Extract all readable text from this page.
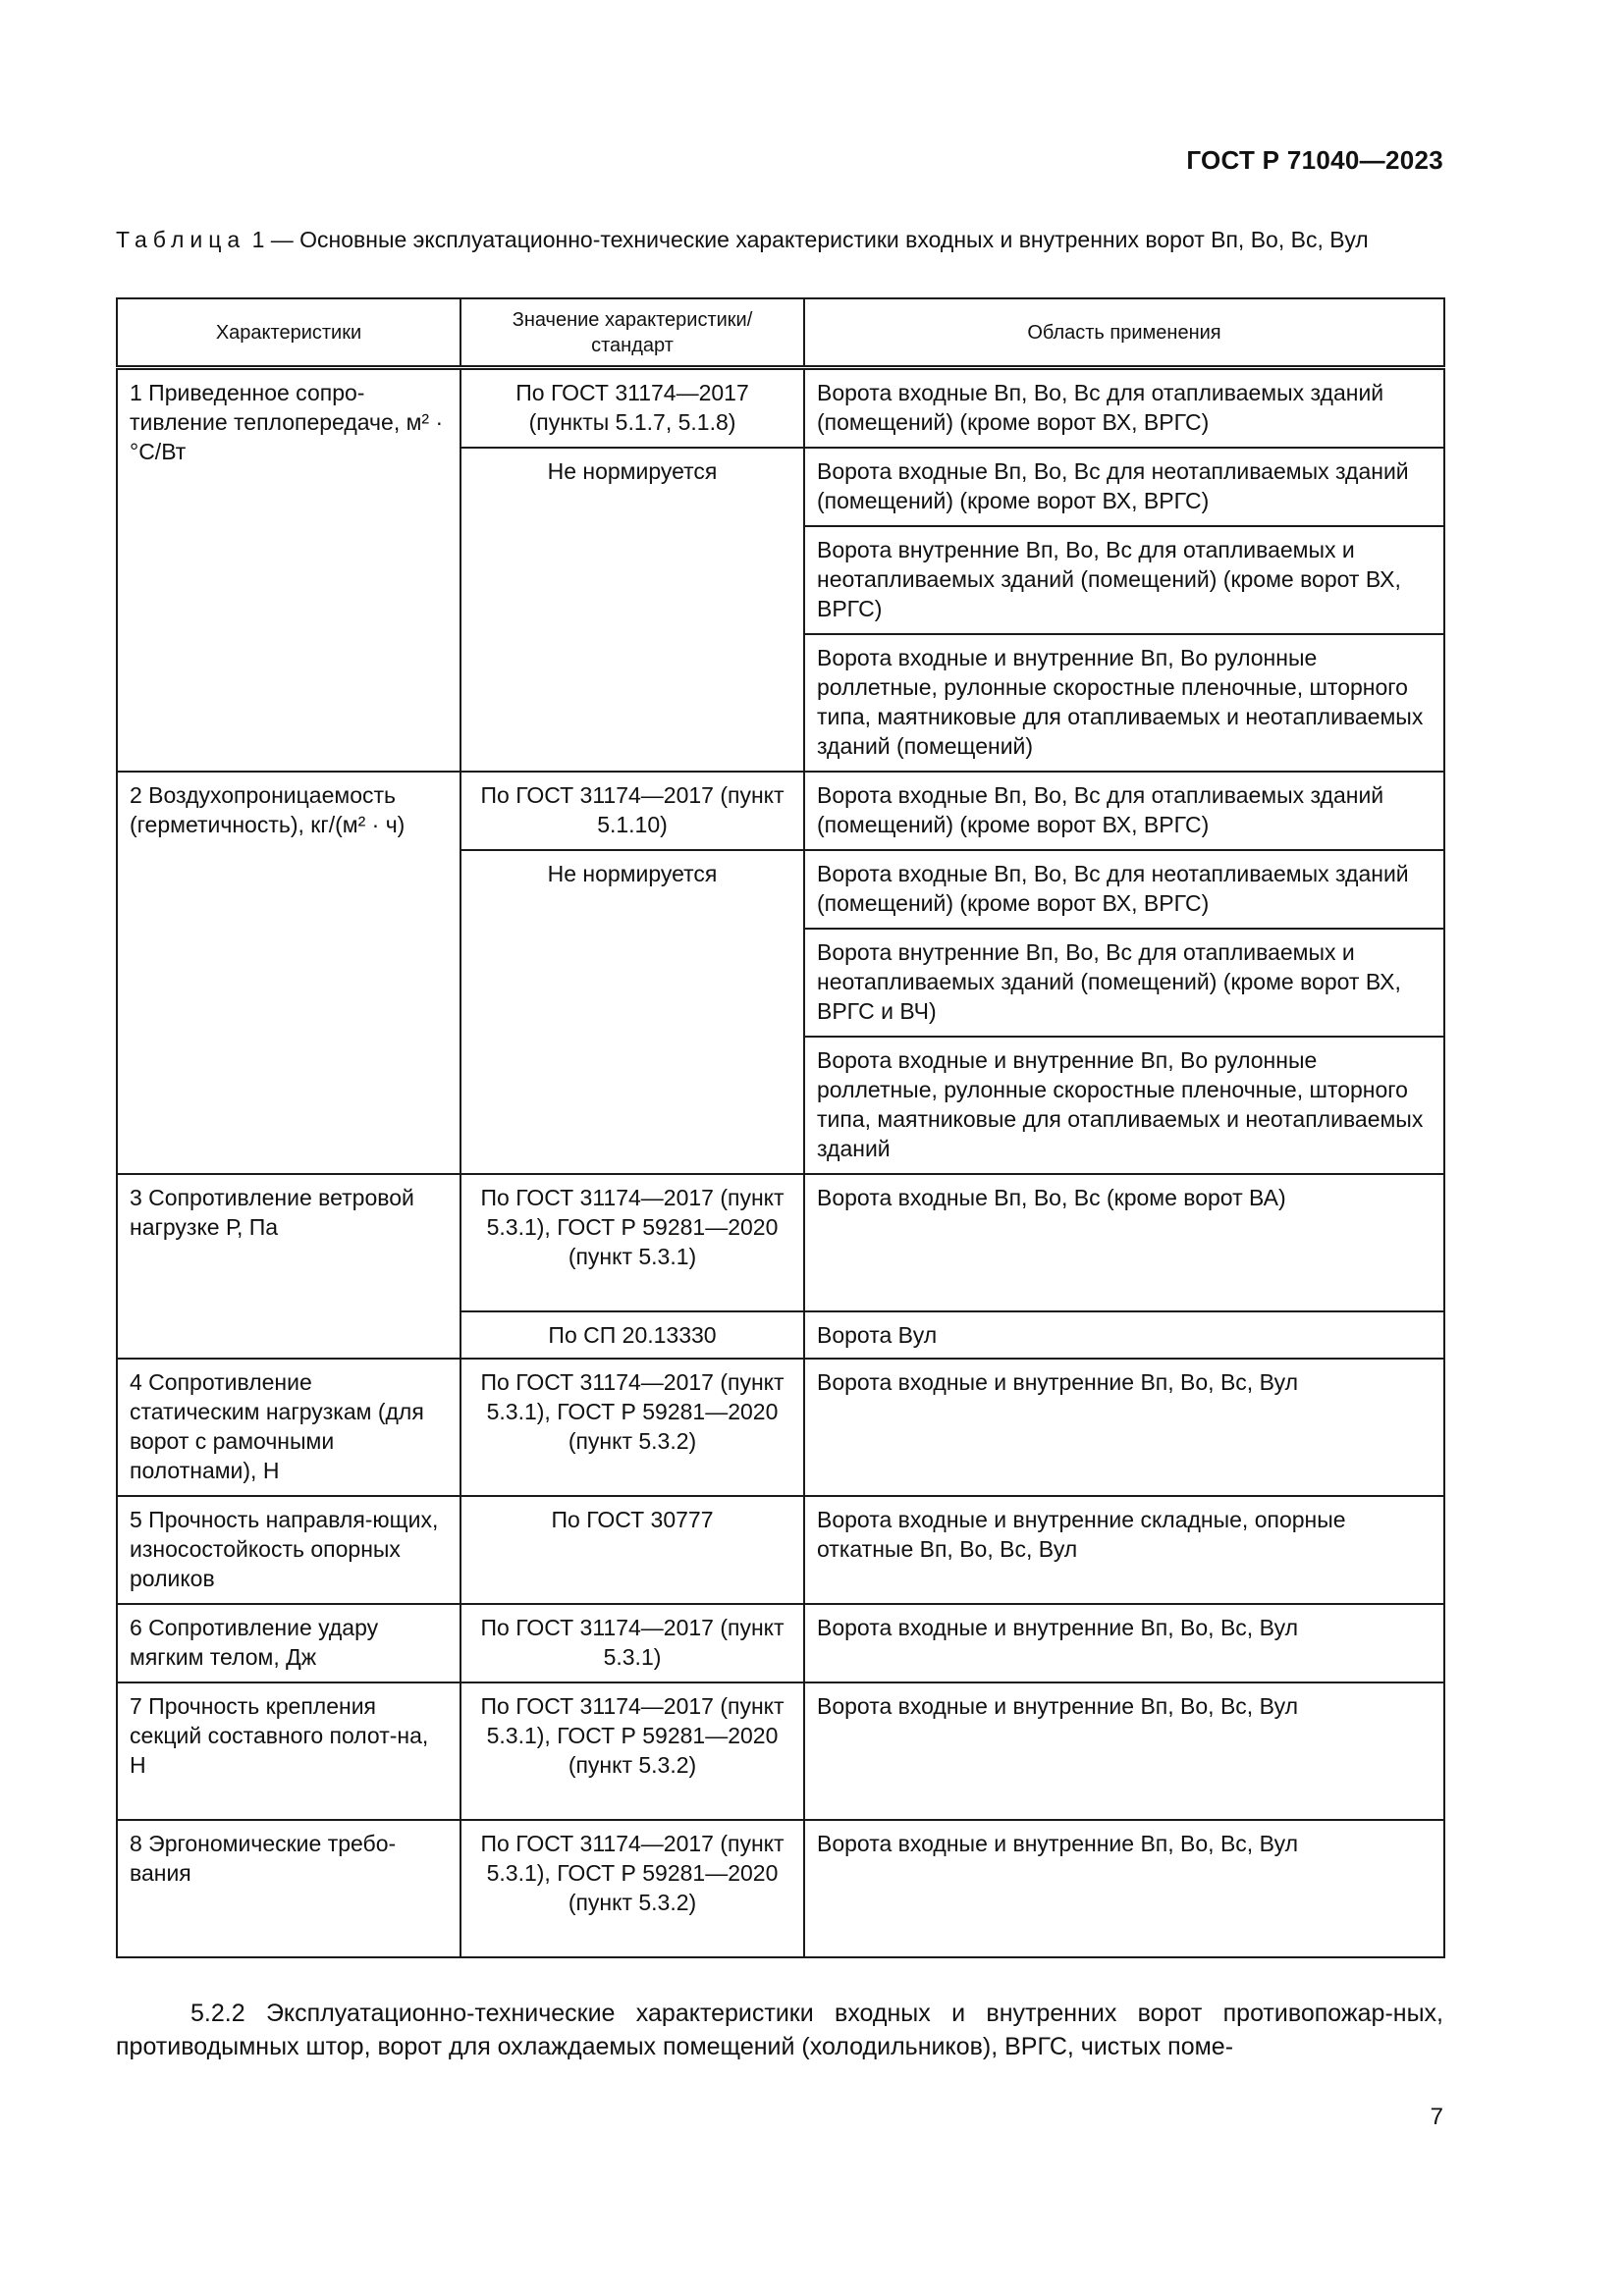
ГОСТ Р 71040—2023
Таблица 1 — Основные эксплуатационно-технические характеристики входных и внутренних ворот Вп, Во, Вс, Вул
Характеристики	Значение характеристики/ стандарт	Область применения
1 Приведенное сопро-тивление теплопередаче, м² · °С/Вт	По ГОСТ 31174—2017 (пункты 5.1.7, 5.1.8)	Ворота входные Вп, Во, Вс для отапливаемых зданий (помещений) (кроме ворот ВХ, ВРГС)
	Не нормируется	Ворота входные Вп, Во, Вс для неотапливаемых зданий (помещений) (кроме ворот ВХ, ВРГС)
		Ворота внутренние Вп, Во, Вс для отапливаемых и неотапливаемых зданий (помещений) (кроме ворот ВХ, ВРГС)
		Ворота входные и внутренние Вп, Во рулонные роллетные, рулонные скоростные пленочные, шторного типа, маятниковые для отапливаемых и неотапливаемых зданий (помещений)
2 Воздухопроницаемость (герметичность), кг/(м² · ч)	По ГОСТ 31174—2017 (пункт 5.1.10)	Ворота входные Вп, Во, Вс для отапливаемых зданий (помещений) (кроме ворот ВХ, ВРГС)
	Не нормируется	Ворота входные Вп, Во, Вс для неотапливаемых зданий (помещений) (кроме ворот ВХ, ВРГС)
		Ворота внутренние Вп, Во, Вс для отапливаемых и неотапливаемых зданий (помещений) (кроме ворот ВХ, ВРГС и ВЧ)
		Ворота входные и внутренние Вп, Во рулонные роллетные, рулонные скоростные пленочные, шторного типа, маятниковые для отапливаемых и неотапливаемых зданий
3 Сопротивление ветровой нагрузке Р, Па	По ГОСТ 31174—2017 (пункт 5.3.1), ГОСТ Р 59281—2020 (пункт 5.3.1)	Ворота входные Вп, Во, Вс (кроме ворот ВА)
	По СП 20.13330	Ворота Вул
4 Сопротивление статическим нагрузкам (для ворот с рамочными полотнами), Н	По ГОСТ 31174—2017 (пункт 5.3.1), ГОСТ Р 59281—2020 (пункт 5.3.2)	Ворота входные и внутренние Вп, Во, Вс, Вул
5 Прочность направля-ющих, износостойкость опорных роликов	По ГОСТ 30777	Ворота входные и внутренние складные, опорные откатные Вп, Во, Вс, Вул
6 Сопротивление удару мягким телом, Дж	По ГОСТ 31174—2017 (пункт 5.3.1)	Ворота входные и внутренние Вп, Во, Вс, Вул
7 Прочность крепления секций составного полот-на, Н	По ГОСТ 31174—2017 (пункт 5.3.1), ГОСТ Р 59281—2020 (пункт 5.3.2)	Ворота входные и внутренние Вп, Во, Вс, Вул
8 Эргономические требо-вания	По ГОСТ 31174—2017 (пункт 5.3.1), ГОСТ Р 59281—2020 (пункт 5.3.2)	Ворота входные и внутренние Вп, Во, Вс, Вул
5.2.2 Эксплуатационно-технические характеристики входных и внутренних ворот противопожар-ных, противодымных штор, ворот для охлаждаемых помещений (холодильников), ВРГС, чистых поме-
7
